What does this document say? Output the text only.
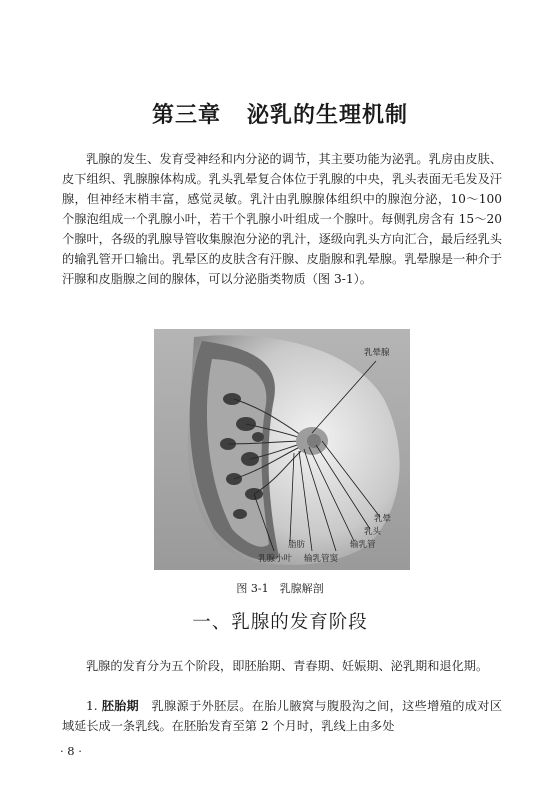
第三章 泌乳的生理机制

乳腺的发生、发育受神经和内分泌的调节，其主要功能为泌乳。乳房由皮肤、皮下组织、乳腺腺体构成。乳头乳晕复合体位于乳腺的中央，乳头表面无毛发及汗腺，但神经末梢丰富，感觉灵敏。乳汁由乳腺腺体组织中的腺泡分泌，10～100 个腺泡组成一个乳腺小叶，若干个乳腺小叶组成一个腺叶。每侧乳房含有 15～20 个腺叶，各级的乳腺导管收集腺泡分泌的乳汁，逐级向乳头方向汇合，最后经乳头的输乳管开口输出。乳晕区的皮肤含有汗腺、皮脂腺和乳晕腺。乳晕腺是一种介于汗腺和皮脂腺之间的腺体，可以分泌脂类物质（图 3-1）。

乳晕腺
乳晕
乳头
输乳管
脂肪
乳腺小叶 输乳管窦

图 3-1　乳腺解剖

一、乳腺的发育阶段

乳腺的发育分为五个阶段，即胚胎期、青春期、妊娠期、泌乳期和退化期。

1. 胚胎期　 乳腺源于外胚层。在胎儿腋窝与腹股沟之间，这些增殖的成对区域延长成一条乳线。在胚胎发育至第 2 个月时，乳线上由多处

· 8 ·
